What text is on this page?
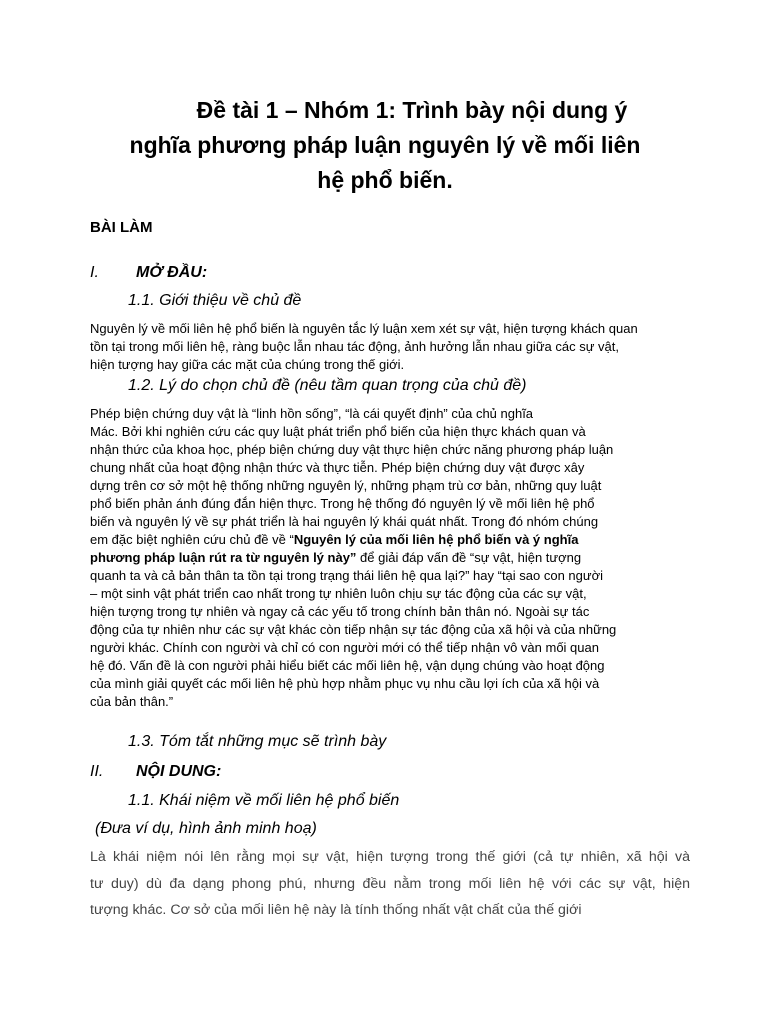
Đề tài 1 – Nhóm 1: Trình bày nội dung ý
nghĩa phương pháp luận nguyên lý về mối liên
hệ phổ biến.

BÀI LÀM

I. MỞ ĐẦU:

1.1. Giới thiệu về chủ đề

Nguyên lý về mối liên hệ phổ biến là nguyên tắc lý luận xem xét sự vật, hiện tượng khách quan
tồn tại trong mối liên hệ, ràng buộc lẫn nhau tác động, ảnh hưởng lẫn nhau giữa các sự vật,
hiện tượng hay giữa các mặt của chúng trong thế giới.

1.2. Lý do chọn chủ đề (nêu tầm quan trọng của chủ đề)

Phép biện chứng duy vật là “linh hồn sống”, “là cái quyết định” của chủ nghĩa
Mác. Bởi khi nghiên cứu các quy luật phát triển phổ biến của hiện thực khách quan và
nhận thức của khoa học, phép biện chứng duy vật thực hiện chức năng phương pháp luận
chung nhất của hoạt động nhận thức và thực tiễn. Phép biện chứng duy vật được xây
dựng trên cơ sở một hệ thống những nguyên lý, những phạm trù cơ bản, những quy luật
phổ biến phản ánh đúng đắn hiện thực. Trong hệ thống đó nguyên lý về mối liên hệ phổ
biến và nguyên lý về sự phát triển là hai nguyên lý khái quát nhất. Trong đó nhóm chúng
em đặc biệt nghiên cứu chủ đề về “Nguyên lý của mối liên hệ phổ biến và ý nghĩa
phương pháp luận rút ra từ nguyên lý này” để giải đáp vấn đề “sự vật, hiện tượng
quanh ta và cả bản thân ta tồn tại trong trạng thái liên hệ qua lại?” hay “tại sao con người
– một sinh vật phát triển cao nhất trong tự nhiên luôn chịu sự tác động của các sự vật,
hiện tượng trong tự nhiên và ngay cả các yếu tố trong chính bản thân nó. Ngoài sự tác
động của tự nhiên như các sự vật khác còn tiếp nhận sự tác động của xã hội và của những
người khác. Chính con người và chỉ có con người mới có thể tiếp nhận vô vàn mối quan
hệ đó. Vấn đề là con người phải hiểu biết các mối liên hệ, vận dụng chúng vào hoạt động
của mình giải quyết các mối liên hệ phù hợp nhằm phục vụ nhu cầu lợi ích của xã hội và
của bản thân.”

1.3. Tóm tắt những mục sẽ trình bày

II. NỘI DUNG:

1.1. Khái niệm về mối liên hệ phổ biến

(Đưa ví dụ, hình ảnh minh hoạ)

Là khái niệm nói lên rằng mọi sự vật, hiện tượng trong thế giới (cả tự nhiên, xã hội và
tư duy) dù đa dạng phong phú, nhưng đều nằm trong mối liên hệ với các sự vật, hiện
tượng khác. Cơ sở của mối liên hệ này là tính thống nhất vật chất của thế giới
